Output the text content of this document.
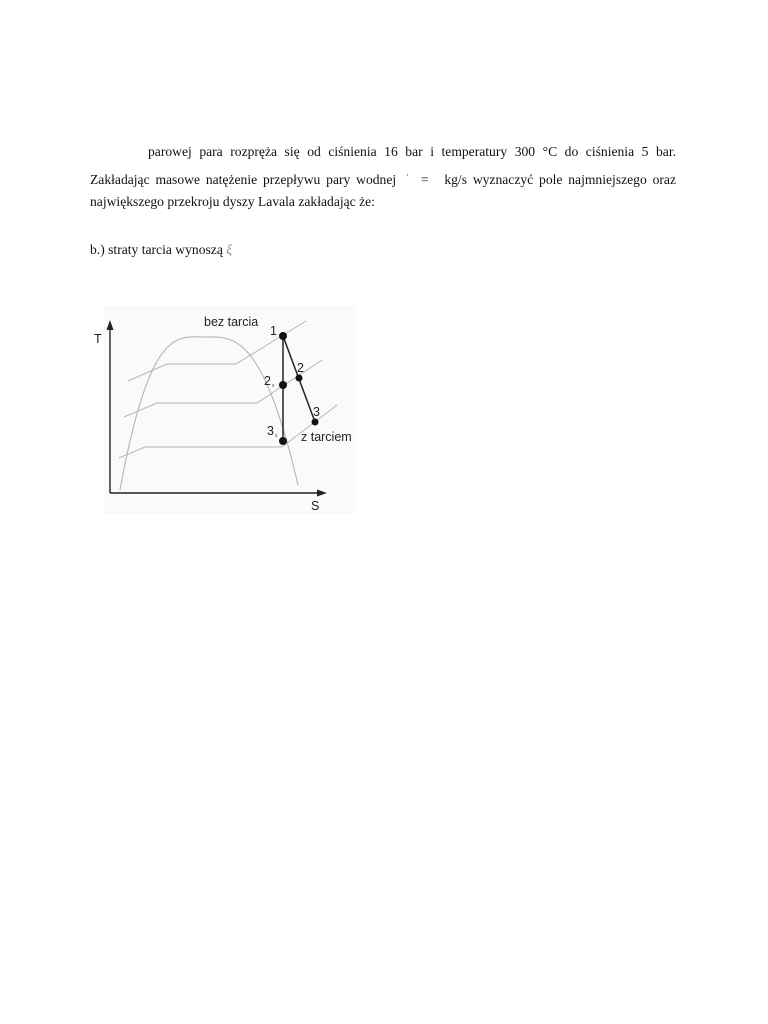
parowej para rozpręża się od ciśnienia 16 bar i temperatury 300 °C do ciśnienia 5 bar. Zakładając masowe natężenie przepływu pary wodnej · = kg/s wyznaczyć pole najmniejszego oraz największego przekroju dyszy Lavala zakładając że:
b.) straty tarcia wynoszą ξ
T
S
bez tarcia
z tarciem
1
2
3
2 s
3 s
